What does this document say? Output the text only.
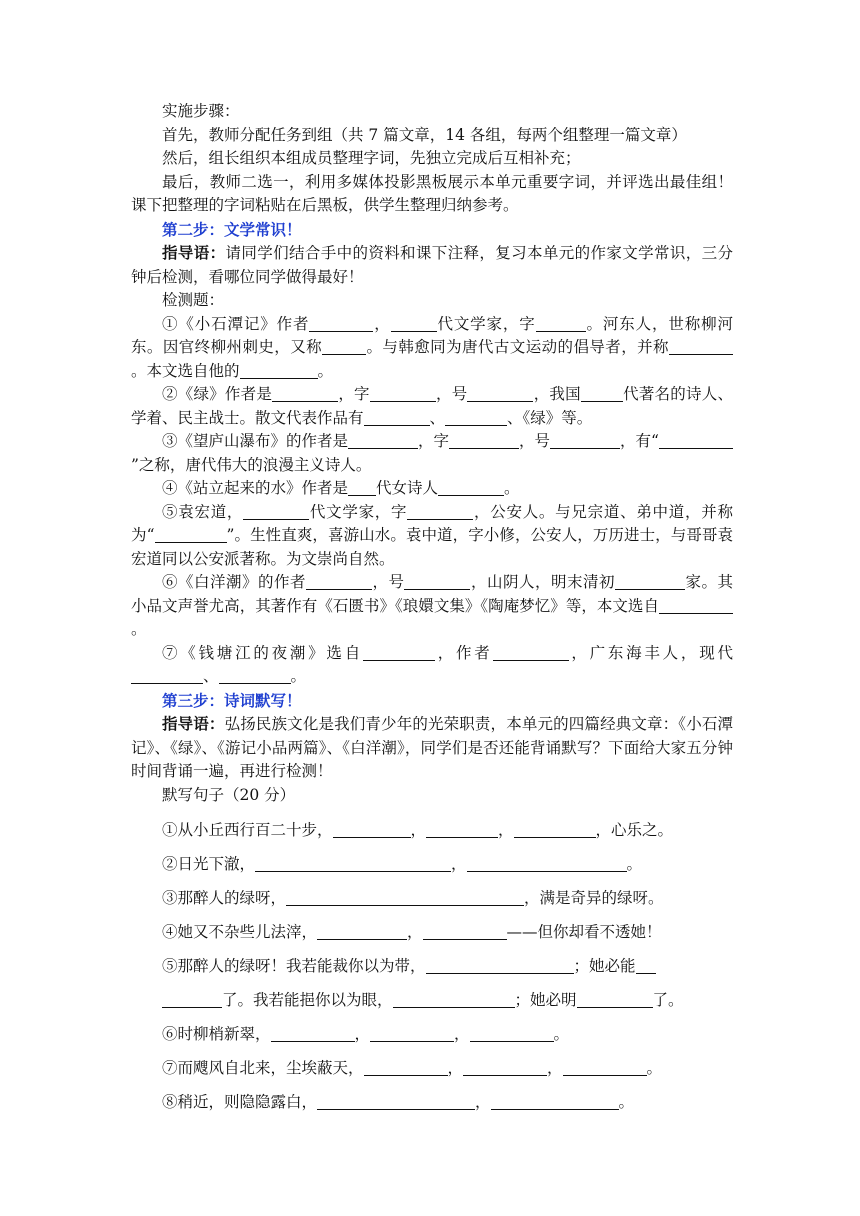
实施步骤：

首先，教师分配任务到组（共 7 篇文章，14 各组，每两个组整理一篇文章）

然后，组长组织本组成员整理字词，先独立完成后互相补充；

最后，教师二选一，利用多媒体投影黑板展示本单元重要字词，并评选出最佳组！课下把整理的字词粘贴在后黑板，供学生整理归纳参考。

第二步：文学常识！

指导语：请同学们结合手中的资料和课下注释，复习本单元的作家文学常识，三分钟后检测，看哪位同学做得最好！

检测题：

①《小石潭记》作者	，	代文学家，字	。河东人，世称柳河东。因官终柳州刺史，又称	。与韩愈同为唐代古文运动的倡导者，并称 。本文选自他的	。

②《绿》作者是	，字	，号	，我国	代著名的诗人、学着、民主战士。散文代表作品有	、	、《绿》等。

③《望庐山瀑布》的作者是	，字	，号	，有“”之称，唐代伟大的浪漫主义诗人。

④《站立起来的水》作者是 代女诗人	。

⑤袁宏道，	代文学家，字	，公安人。与兄宗道、弟中道，并称为“	”。生性直爽，喜游山水。袁中道，字小修，公安人，万历进士，与哥哥袁宏道同以公安派著称。为文崇尚自然。

⑥《白洋潮》的作者	，号	，山阴人，明末清初	家。其小品文声誉尤高，其著作有《石匮书》《琅嬛文集》《陶庵梦忆》等，本文选自。

⑦《钱塘江的夜潮》选自	，作者	，广东海丰人，现代、	。

第三步：诗词默写！

指导语：弘扬民族文化是我们青少年的光荣职责，本单元的四篇经典文章：《小石潭记》、《绿》、《游记小品两篇》、《白洋潮》，同学们是否还能背诵默写？下面给大家五分钟时间背诵一遍，再进行检测！

默写句子（20 分）

①从小丘西行百二十步，	，	，	，心乐之。

②日光下澈，	，	。

③那醉人的绿呀，	，满是奇异的绿呀。

④她又不杂些儿法滓，	，	——但你却看不透她！

⑤那醉人的绿呀！我若能裁你以为带，	；她必能

了。我若能挹你以为眼，	；她必明	了。

⑥时柳梢新翠，	，	，	。

⑦而飕风自北来，尘埃蔽天，	，	，	。

⑧稍近，则隐隐露白，	，	。
